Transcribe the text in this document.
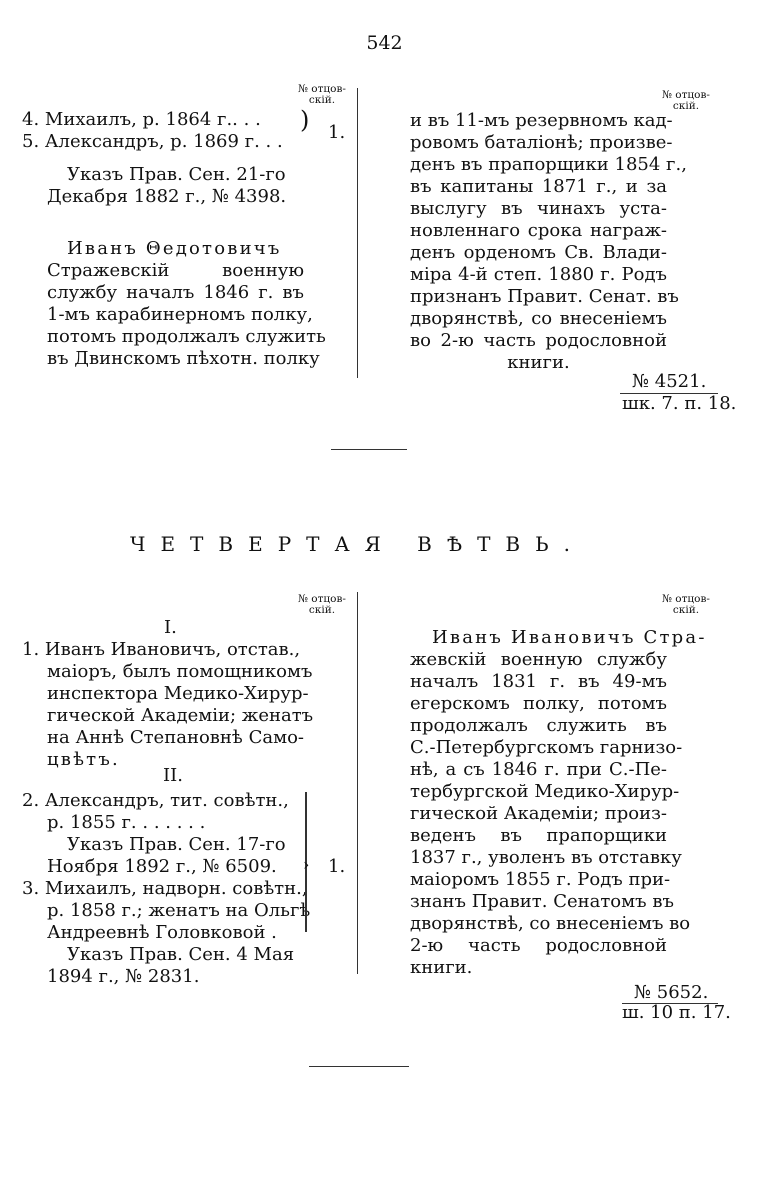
542
№ отцов-
скій.	№ отцов-
скій.
4. Михаилъ, р. 1864 г.. . .
5. Александръ, р. 1869 г. . .
) 1.
Указъ Прав. Сен. 21-го
Декабря 1882 г., № 4398.
Иванъ Θедотовичъ
Стражевскій военную
службу началъ 1846 г. въ
1-мъ карабинерномъ полку,
потомъ продолжалъ служить
въ Двинскомъ пѣхотн. полку
и въ 11-мъ резервномъ кад-
ровомъ баталіонѣ; произве-
денъ въ прапорщики 1854 г.,
въ капитаны 1871 г., и за
выслугу въ чинахъ уста-
новленнаго срока награж-
денъ орденомъ Св. Влади-
міра 4-й степ. 1880 г. Родъ
признанъ Правит. Сенат. въ
дворянствѣ, со внесеніемъ
во 2-ю часть родословной
книги.
№ 4521.
шк. 7. п. 18.
ЧЕТВЕРТАЯ ВѢТВЬ.
№ отцов-
скій.
№ отцов-
скій.
I.
1. Иванъ Ивановичъ, отстав.,
маіоръ, былъ помощникомъ
инспектора Медико-Хирур-
гической Академіи; женатъ
на Аннѣ Степановнѣ Само-
цвѣтъ.
II.
2. Александръ, тит. совѣтн.,
р. 1855 г. . . . . . .
Указъ Прав. Сен. 17-го
Ноября 1892 г., № 6509.
3. Михаилъ, надворн. совѣтн.,
р. 1858 г.; женатъ на Ольгѣ
Андреевнѣ Головковой .
Указъ Прав. Сен. 4 Мая
1894 г., № 2831.
› 1.
Иванъ Ивановичъ Стра-
жевскій военную службу
началъ 1831 г. въ 49-мъ
егерскомъ полку, потомъ
продолжалъ служить въ
С.-Петербургскомъ гарнизо-
нѣ, а съ 1846 г. при С.-Пе-
тербургской Медико-Хирур-
гической Академіи; произ-
веденъ въ прапорщики
1837 г., уволенъ въ отставку
маіоромъ 1855 г. Родъ при-
знанъ Правит. Сенатомъ въ
дворянствѣ, со внесеніемъ во
2-ю часть родословной
книги.
№ 5652.
ш. 10 п. 17.
